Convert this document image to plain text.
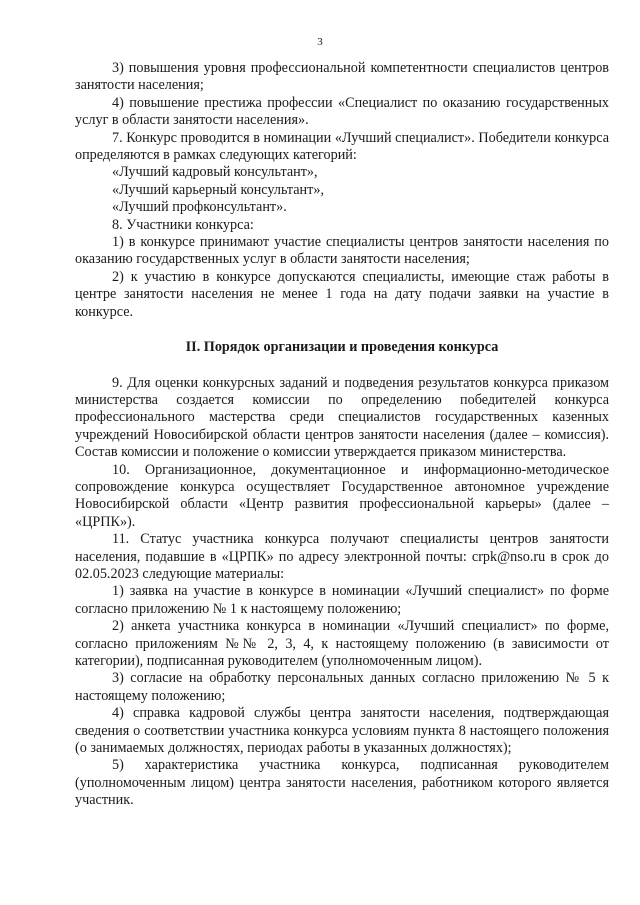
3

3) повышения уровня профессиональной компетентности специалистов центров занятости населения;

4) повышение престижа профессии «Специалист по оказанию государственных услуг в области занятости населения».

7. Конкурс проводится в номинации «Лучший специалист». Победители конкурса определяются в рамках следующих категорий:

«Лучший кадровый консультант»,

«Лучший карьерный консультант»,

«Лучший профконсультант».

8. Участники конкурса:

1) в конкурсе принимают участие специалисты центров занятости населения по оказанию государственных услуг в области занятости населения;

2) к участию в конкурсе допускаются специалисты, имеющие стаж работы в центре занятости населения не менее 1 года на дату подачи заявки на участие в конкурсе.

II. Порядок организации и проведения конкурса

9. Для оценки конкурсных заданий и подведения результатов конкурса приказом министерства создается комиссии по определению победителей конкурса профессионального мастерства среди специалистов государственных казенных учреждений Новосибирской области центров занятости населения (далее – комиссия). Состав комиссии и положение о комиссии утверждается приказом министерства.

10. Организационное, документационное и информационно-методическое сопровождение конкурса осуществляет Государственное автономное учреждение Новосибирской области «Центр развития профессиональной карьеры» (далее – «ЦРПК»).

11. Статус участника конкурса получают специалисты центров занятости населения, подавшие в «ЦРПК» по адресу электронной почты: crpk@nso.ru в срок до 02.05.2023 следующие материалы:

1) заявка на участие в конкурсе в номинации «Лучший специалист» по форме согласно приложению № 1 к настоящему положению;

2) анкета участника конкурса в номинации «Лучший специалист» по форме, согласно приложениям №№ 2, 3, 4, к настоящему положению (в зависимости от категории), подписанная руководителем (уполномоченным лицом).

3) согласие на обработку персональных данных согласно приложению № 5 к настоящему положению;

4) справка кадровой службы центра занятости населения, подтверждающая сведения о соответствии участника конкурса условиям пункта 8 настоящего положения (о занимаемых должностях, периодах работы в указанных должностях);

5) характеристика участника конкурса, подписанная руководителем (уполномоченным лицом) центра занятости населения, работником которого является участник.
